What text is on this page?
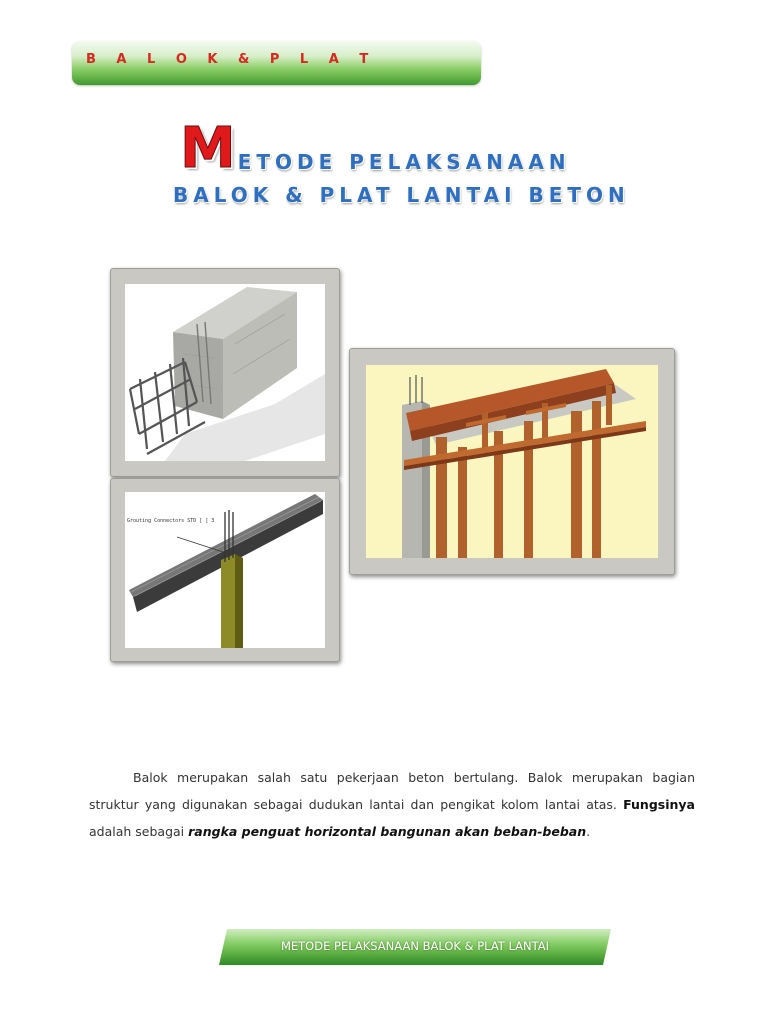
B A L O K & P L A T
M ETODE PELAKSANAAN
BALOK & PLAT LANTAI BETON
Grouting Connectors STD [ ] 3
Balok merupakan salah satu pekerjaan beton bertulang. Balok merupakan bagian struktur yang digunakan sebagai dudukan lantai dan pengikat kolom lantai atas. Fungsinya adalah sebagai rangka penguat horizontal bangunan akan beban-beban.
METODE PELAKSANAAN BALOK & PLAT LANTAI
